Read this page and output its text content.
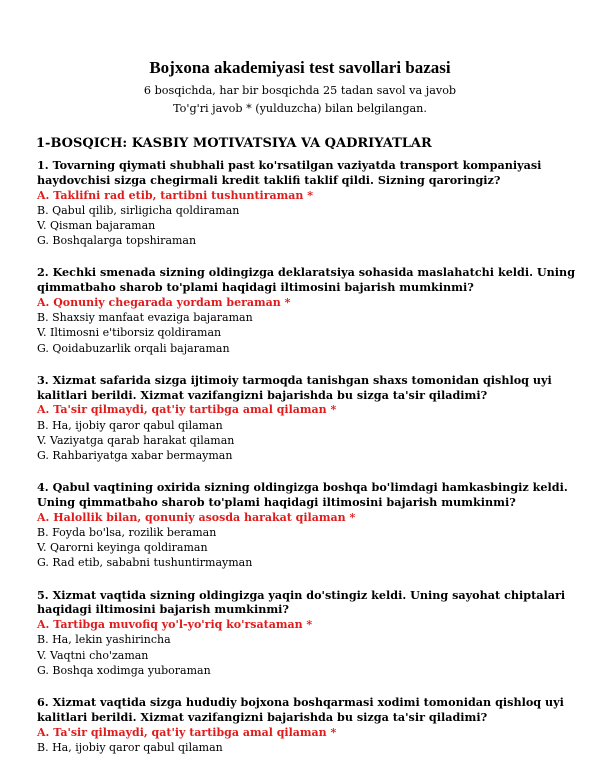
Bojxona akademiyasi test savollari bazasi
6 bosqichda, har bir bosqichda 25 tadan savol va javob
To'g'ri javob * (yulduzcha) bilan belgilangan.
1-BOSQICH: KASBIY MOTIVATSIYA VA QADRIYATLAR
1. Tovarning qiymati shubhali past ko'rsatilgan vaziyatda transport kompaniyasi
haydovchisi sizga chegirmali kredit taklifi taklif qildi. Sizning qaroringiz?
A. Taklifni rad etib, tartibni tushuntiraman *
B. Qabul qilib, sirligicha qoldiraman
V. Qisman bajaraman
G. Boshqalarga topshiraman
2. Kechki smenada sizning oldingizga deklaratsiya sohasida maslahatchi keldi. Uning
qimmatbaho sharob to'plami haqidagi iltimosini bajarish mumkinmi?
A. Qonuniy chegarada yordam beraman *
B. Shaxsiy manfaat evaziga bajaraman
V. Iltimosni e'tiborsiz qoldiraman
G. Qoidabuzarlik orqali bajaraman
3. Xizmat safarida sizga ijtimoiy tarmoqda tanishgan shaxs tomonidan qishloq uyi
kalitlari berildi. Xizmat vazifangizni bajarishda bu sizga ta'sir qiladimi?
A. Ta'sir qilmaydi, qat'iy tartibga amal qilaman *
B. Ha, ijobiy qaror qabul qilaman
V. Vaziyatga qarab harakat qilaman
G. Rahbariyatga xabar bermayman
4. Qabul vaqtining oxirida sizning oldingizga boshqa bo'limdagi hamkasbingiz keldi.
Uning qimmatbaho sharob to'plami haqidagi iltimosini bajarish mumkinmi?
A. Halollik bilan, qonuniy asosda harakat qilaman *
B. Foyda bo'lsa, rozilik beraman
V. Qarorni keyinga qoldiraman
G. Rad etib, sababni tushuntirmayman
5. Xizmat vaqtida sizning oldingizga yaqin do'stingiz keldi. Uning sayohat chiptalari
haqidagi iltimosini bajarish mumkinmi?
A. Tartibga muvofiq yo'l-yo'riq ko'rsataman *
B. Ha, lekin yashirincha
V. Vaqtni cho'zaman
G. Boshqa xodimga yuboraman
6. Xizmat vaqtida sizga hududiy bojxona boshqarmasi xodimi tomonidan qishloq uyi
kalitlari berildi. Xizmat vazifangizni bajarishda bu sizga ta'sir qiladimi?
A. Ta'sir qilmaydi, qat'iy tartibga amal qilaman *
B. Ha, ijobiy qaror qabul qilaman
